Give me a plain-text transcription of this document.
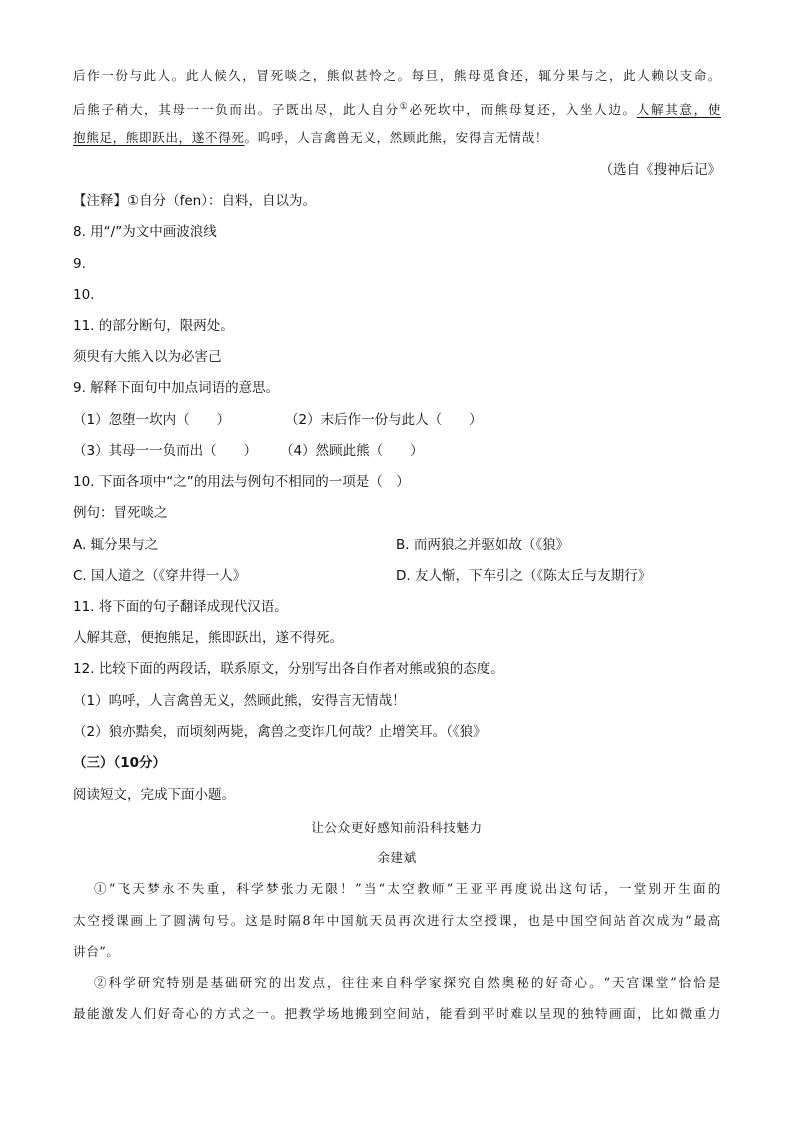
后作一份与此人。此人候久，冒死啖之，熊似甚怜之。每旦，熊母觅食还，辄分果与之，此人赖以支命。
后熊子稍大，其母一一负而出。子既出尽，此人自分①必死坎中，而熊母复还，入坐人边。人解其意，使
抱熊足，熊即跃出，遂不得死。呜呼，人言禽兽无义，然顾此熊，安得言无情哉！
（选自《搜神后记》
【注释】①自分（fen）：自料，自以为。
8. 用“/”为文中画波浪线
9.
10.
11. 的部分断句，限两处。
须臾有大熊入以为必害己
9. 解释下面句中加点词语的意思。
（1）忽堕一坎内（　　）	（2）末后作一份与此人（　　）
（3）其母一一负而出（　　） （4）然顾此熊（　　）
10. 下面各项中“之”的用法与例句不相同的一项是（　）
例句：冒死啖之
A. 辄分果与之	B. 而两狼之并驱如故（《狼》
C. 国人道之（《穿井得一人》	D. 友人惭，下车引之（《陈太丘与友期行》
11. 将下面的句子翻译成现代汉语。
人解其意，便抱熊足，熊即跃出，遂不得死。
12. 比较下面的两段话，联系原文，分别写出各自作者对熊或狼的态度。
（1）呜呼，人言禽兽无义，然顾此熊，安得言无情哉！
（2）狼亦黠矣，而顷刻两毙，禽兽之变诈几何哉？止增笑耳。（《狼》
（三）（10分）
阅读短文，完成下面小题。
让公众更好感知前沿科技魅力
余建斌
①“飞天梦永不失重，科学梦张力无限！”当“太空教师”王亚平再度说出这句话，一堂别开生面的
太空授课画上了圆满句号。这是时隔8年中国航天员再次进行太空授课，也是中国空间站首次成为“最高
讲台”。
②科学研究特别是基础研究的出发点，往往来自科学家探究自然奥秘的好奇心。“天宫课堂”恰恰是
最能激发人们好奇心的方式之一。把教学场地搬到空间站，能看到平时难以呈现的独特画面，比如微重力
